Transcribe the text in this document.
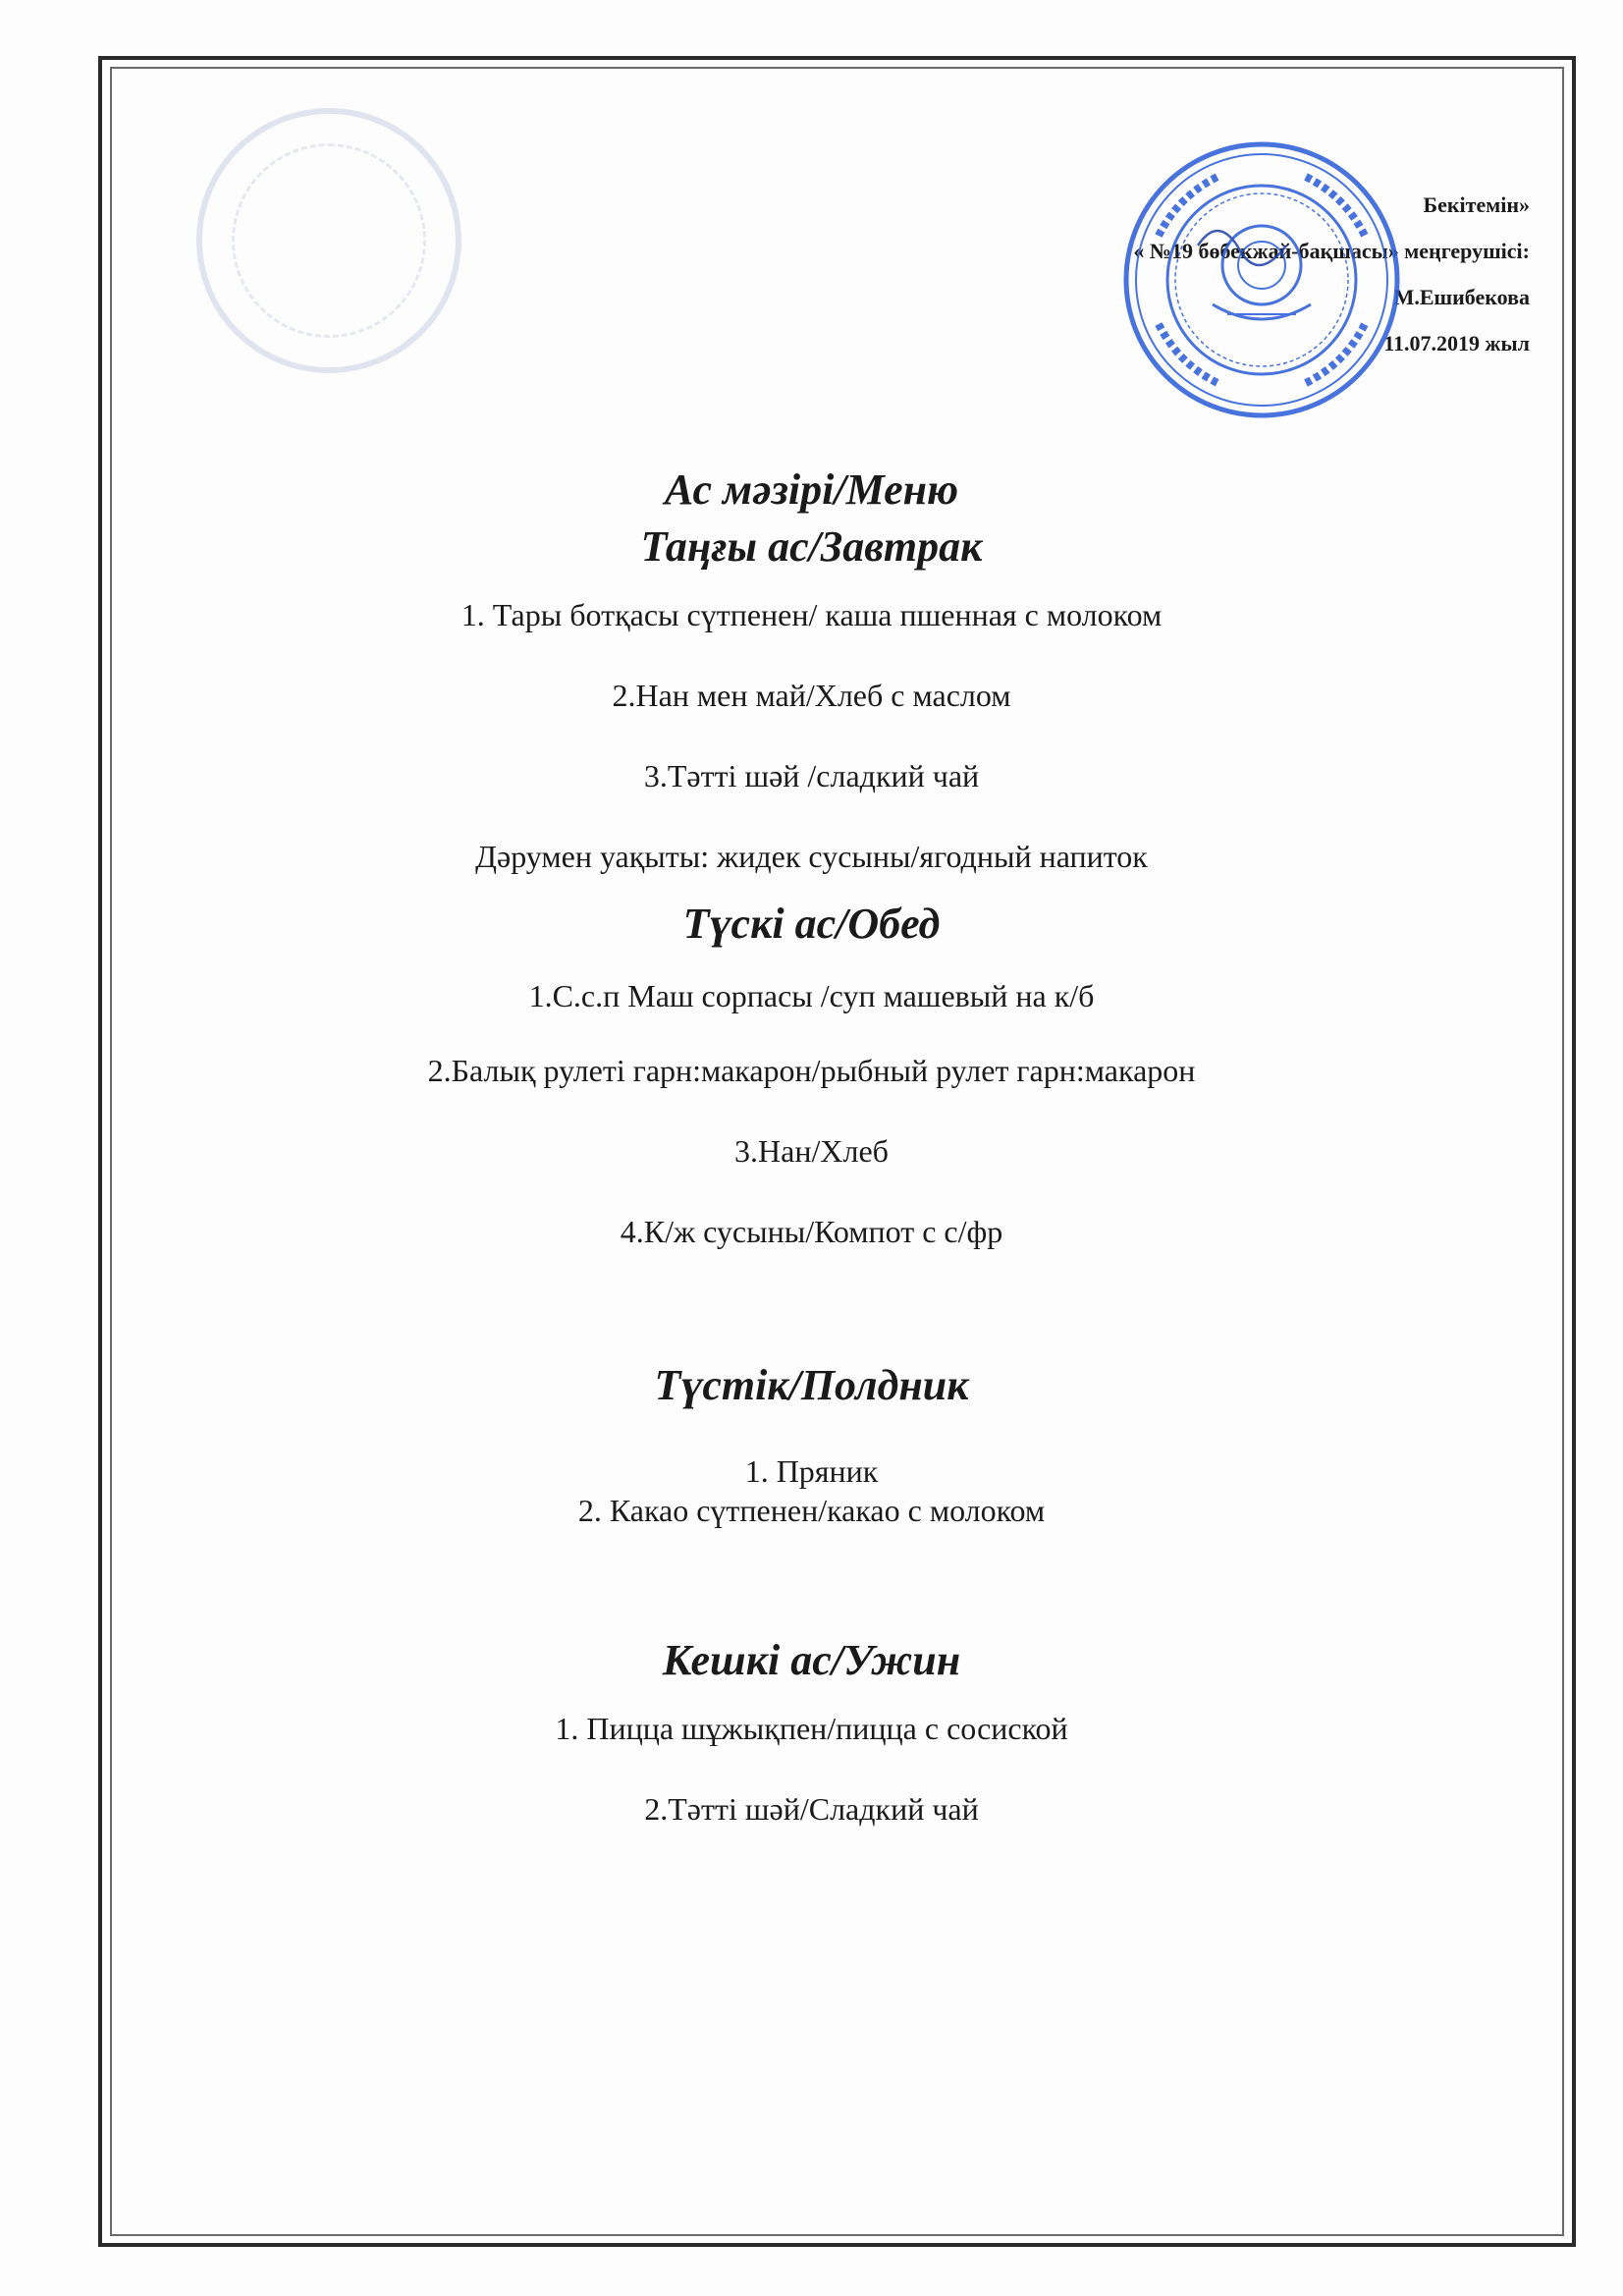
Бекітемін»
« №19 бөбекжай-бақшасы» меңгерушісі:
М.Ешибекова
11.07.2019 жыл

Ас мәзірі/Меню

Таңғы ас/Завтрак

1. Тары ботқасы сүтпенен/ каша пшенная с молоком

2.Нан мен май/Хлеб с маслом

3.Тәтті шәй /сладкий чай

Дәрумен уақыты: жидек сусыны/ягодный напиток

Түскі ас/Обед

1.С.с.п Маш сорпасы /суп машевый на к/б

2.Балық рулеті гарн:макарон/рыбный рулет гарн:макарон

3.Нан/Хлеб

4.К/ж сусыны/Компот с с/фр

Түстік/Полдник

1. Пряник

2. Какао сүтпенен/какао с молоком

Кешкі ас/Ужин

1. Пицца шұжықпен/пицца с сосиской

2.Тәтті шәй/Сладкий чай
